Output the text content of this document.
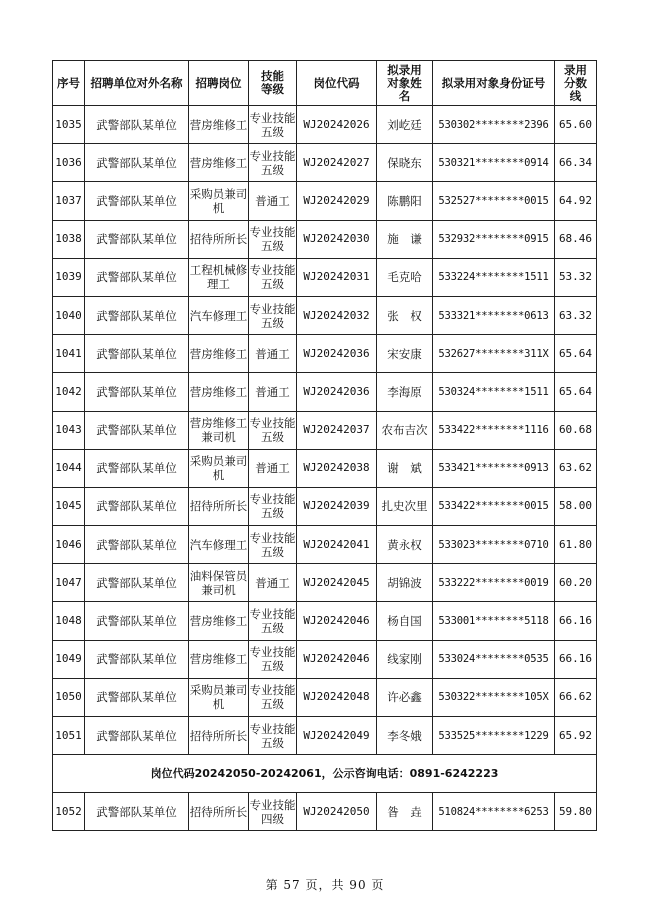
序号	招聘单位对外名称	招聘岗位	技能等级	岗位代码	拟录用对象姓名	拟录用对象身份证号	录用分数线
1035	武警部队某单位	营房维修工	专业技能五级	WJ20242026	刘屹廷	530302********2396	65.60
1036	武警部队某单位	营房维修工	专业技能五级	WJ20242027	保晓东	530321********0914	66.34
1037	武警部队某单位	采购员兼司机	普通工	WJ20242029	陈鹏阳	532527********0015	64.92
1038	武警部队某单位	招待所所长	专业技能五级	WJ20242030	施　谦	532932********0915	68.46
1039	武警部队某单位	工程机械修理工	专业技能五级	WJ20242031	毛克哈	533224********1511	53.32
1040	武警部队某单位	汽车修理工	专业技能五级	WJ20242032	张　权	533321********0613	63.32
1041	武警部队某单位	营房维修工	普通工	WJ20242036	宋安康	532627********311X	65.64
1042	武警部队某单位	营房维修工	普通工	WJ20242036	李海原	530324********1511	65.64
1043	武警部队某单位	营房维修工兼司机	专业技能五级	WJ20242037	农布吉次	533422********1116	60.68
1044	武警部队某单位	采购员兼司机	普通工	WJ20242038	谢　斌	533421********0913	63.62
1045	武警部队某单位	招待所所长	专业技能五级	WJ20242039	扎史次里	533422********0015	58.00
1046	武警部队某单位	汽车修理工	专业技能五级	WJ20242041	黄永权	533023********0710	61.80
1047	武警部队某单位	油料保管员兼司机	普通工	WJ20242045	胡锦波	533222********0019	60.20
1048	武警部队某单位	营房维修工	专业技能五级	WJ20242046	杨自国	533001********5118	66.16
1049	武警部队某单位	营房维修工	专业技能五级	WJ20242046	线家刚	533024********0535	66.16
1050	武警部队某单位	采购员兼司机	专业技能五级	WJ20242048	许必鑫	530322********105X	66.62
1051	武警部队某单位	招待所所长	专业技能五级	WJ20242049	李冬娥	533525********1229	65.92
岗位代码20242050-20242061，公示咨询电话：0891-6242223							
1052	武警部队某单位	招待所所长	专业技能四级	WJ20242050	昝　垚	510824********6253	59.80
第 57 页，共 90 页
